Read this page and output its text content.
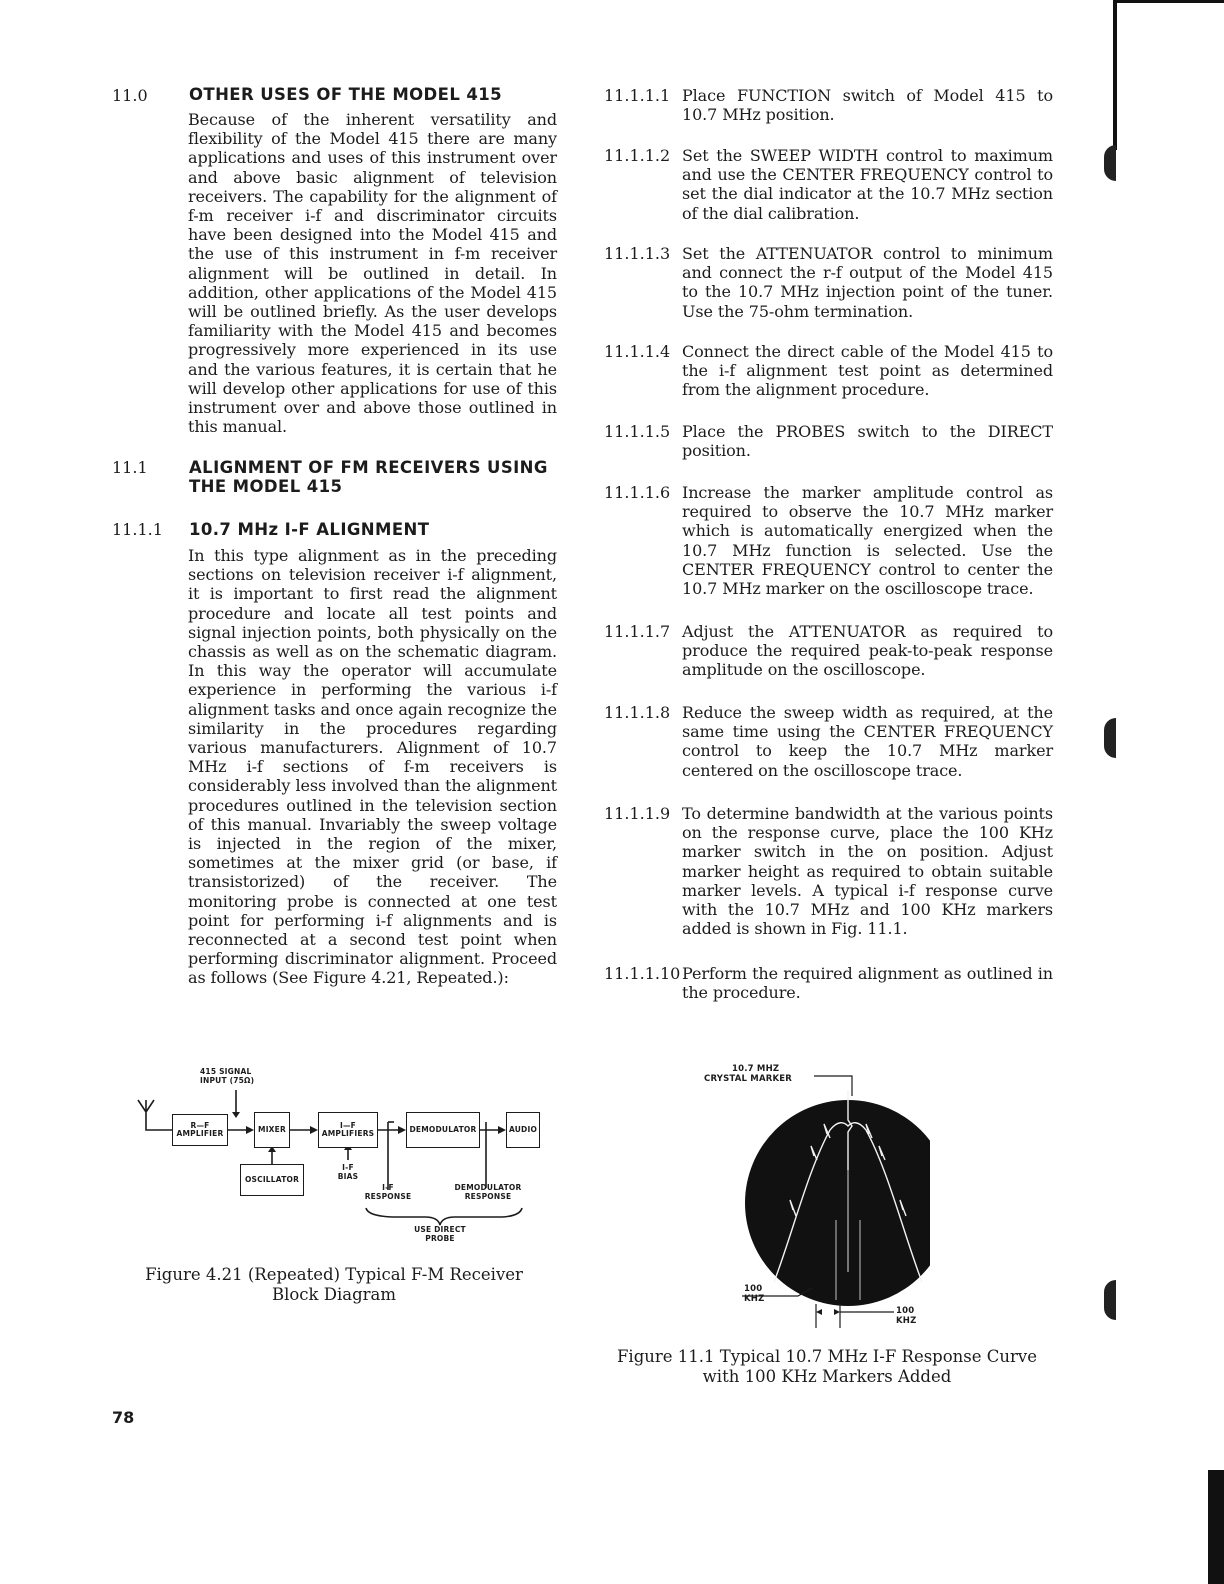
11.0	OTHER USES OF THE MODEL 415
Because of the inherent versatility and flexibility of the Model 415 there are many applications and uses of this instrument over and above basic alignment of television receivers. The capability for the alignment of f-m receiver i-f and discriminator circuits have been designed into the Model 415 and the use of this instrument in f-m receiver alignment will be outlined in detail. In addition, other applications of the Model 415 will be outlined briefly. As the user develops familiarity with the Model 415 and becomes progressively more experienced in its use and the various features, it is certain that he will develop other applications for use of this instrument over and above those outlined in this manual.
11.1	ALIGNMENT OF FM RECEIVERS USING
THE MODEL 415
11.1.1 10.7 MHz I-F ALIGNMENT
In this type alignment as in the preceding sections on television receiver i-f alignment, it is important to first read the alignment procedure and locate all test points and signal injection points, both physically on the chassis as well as on the schematic diagram. In this way the operator will accumulate experience in performing the various i-f alignment tasks and once again recognize the similarity in the procedures regarding various manufacturers. Alignment of 10.7 MHz i-f sections of f-m receivers is considerably less involved than the alignment procedures outlined in the television section of this manual. Invariably the sweep voltage is injected in the region of the mixer, sometimes at the mixer grid (or base, if transistorized) of the receiver. The monitoring probe is connected at one test point for performing i-f alignments and is reconnected at a second test point when performing discriminator alignment. Proceed as follows (See Figure 4.21, Repeated.):
11.1.1.1 Place FUNCTION switch of Model 415 to 10.7 MHz position.
11.1.1.2 Set the SWEEP WIDTH control to maximum and use the CENTER FREQUENCY control to set the dial indicator at the 10.7 MHz section of the dial calibration.
11.1.1.3 Set the ATTENUATOR control to minimum and connect the r-f output of the Model 415 to the 10.7 MHz injection point of the tuner. Use the 75-ohm termination.
11.1.1.4 Connect the direct cable of the Model 415 to the i-f alignment test point as determined from the alignment procedure.
11.1.1.5 Place the PROBES switch to the DIRECT position.
11.1.1.6 Increase the marker amplitude control as required to observe the 10.7 MHz marker which is automatically energized when the 10.7 MHz function is selected. Use the CENTER FREQUENCY control to center the 10.7 MHz marker on the oscilloscope trace.
11.1.1.7 Adjust the ATTENUATOR as required to produce the required peak-to-peak response amplitude on the oscilloscope.
11.1.1.8 Reduce the sweep width as required, at the same time using the CENTER FREQUENCY control to keep the 10.7 MHz marker centered on the oscilloscope trace.
11.1.1.9 To determine bandwidth at the various points on the response curve, place the 100 KHz marker switch in the on position. Adjust marker height as required to obtain suitable marker levels. A typical i-f response curve with the 10.7 MHz and 100 KHz markers added is shown in Fig. 11.1.
11.1.1.10 Perform the required alignment as outlined in the procedure.
415 SIGNAL
INPUT (75Ω)
R—F
AMPLIFIER	MIXER	I—F
AMPLIFIERS	DEMODULATOR	AUDIO
OSCILLATOR
I-F
BIAS
I-F
RESPONSE
DEMODULATOR
RESPONSE
USE DIRECT
PROBE
Figure 4.21 (Repeated) Typical F-M Receiver
Block Diagram
10.7 MHZ
CRYSTAL MARKER
100
KHZ
100
KHZ
Figure 11.1 Typical 10.7 MHz I-F Response Curve
with 100 KHz Markers Added
78
